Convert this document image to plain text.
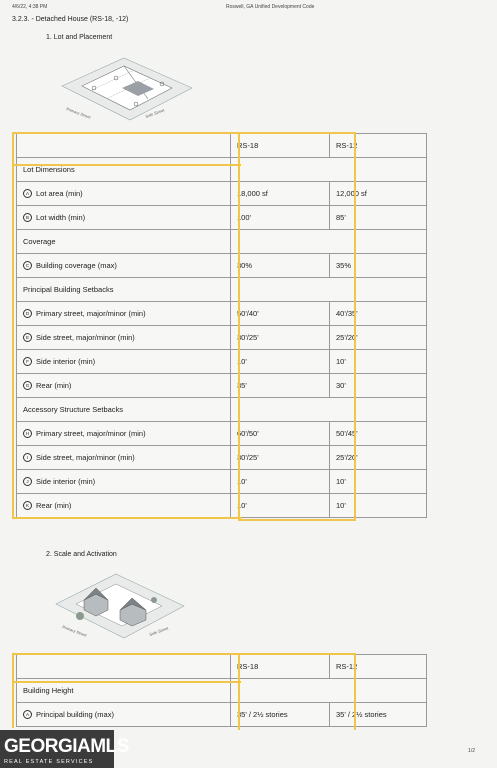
4/6/22, 4:38 PM	Roswell, GA Unified Development Code
3.2.3. - Detached House (RS-18, -12)
1. Lot and Placement
Primary Street	Side Street
	RS-18	RS-12
Lot Dimensions		
A Lot area (min)	18,000 sf	12,000 sf
B Lot width (min)	100'	85'
Coverage		
C Building coverage (max)	30%	35%
Principal Building Setbacks		
D Primary street, major/minor (min)	50'/40'	40'/35'
E Side street, major/minor (min)	30'/25'	25'/20'
F Side interior (min)	10'	10'
G Rear (min)	35'	30'
Accessory Structure Setbacks		
H Primary street, major/minor (min)	60'/50'	50'/45'
I Side street, major/minor (min)	30'/25'	25'/20'
J Side interior (min)	10'	10'
K Rear (min)	10'	10'
2. Scale and Activation
Primary Street	Side Street
	RS-18	RS-12
Building Height		
A Principal building (max)	35' / 2½ stories	35' / 2½ stories
GEORGIAMLS
REAL ESTATE SERVICES
1/2
